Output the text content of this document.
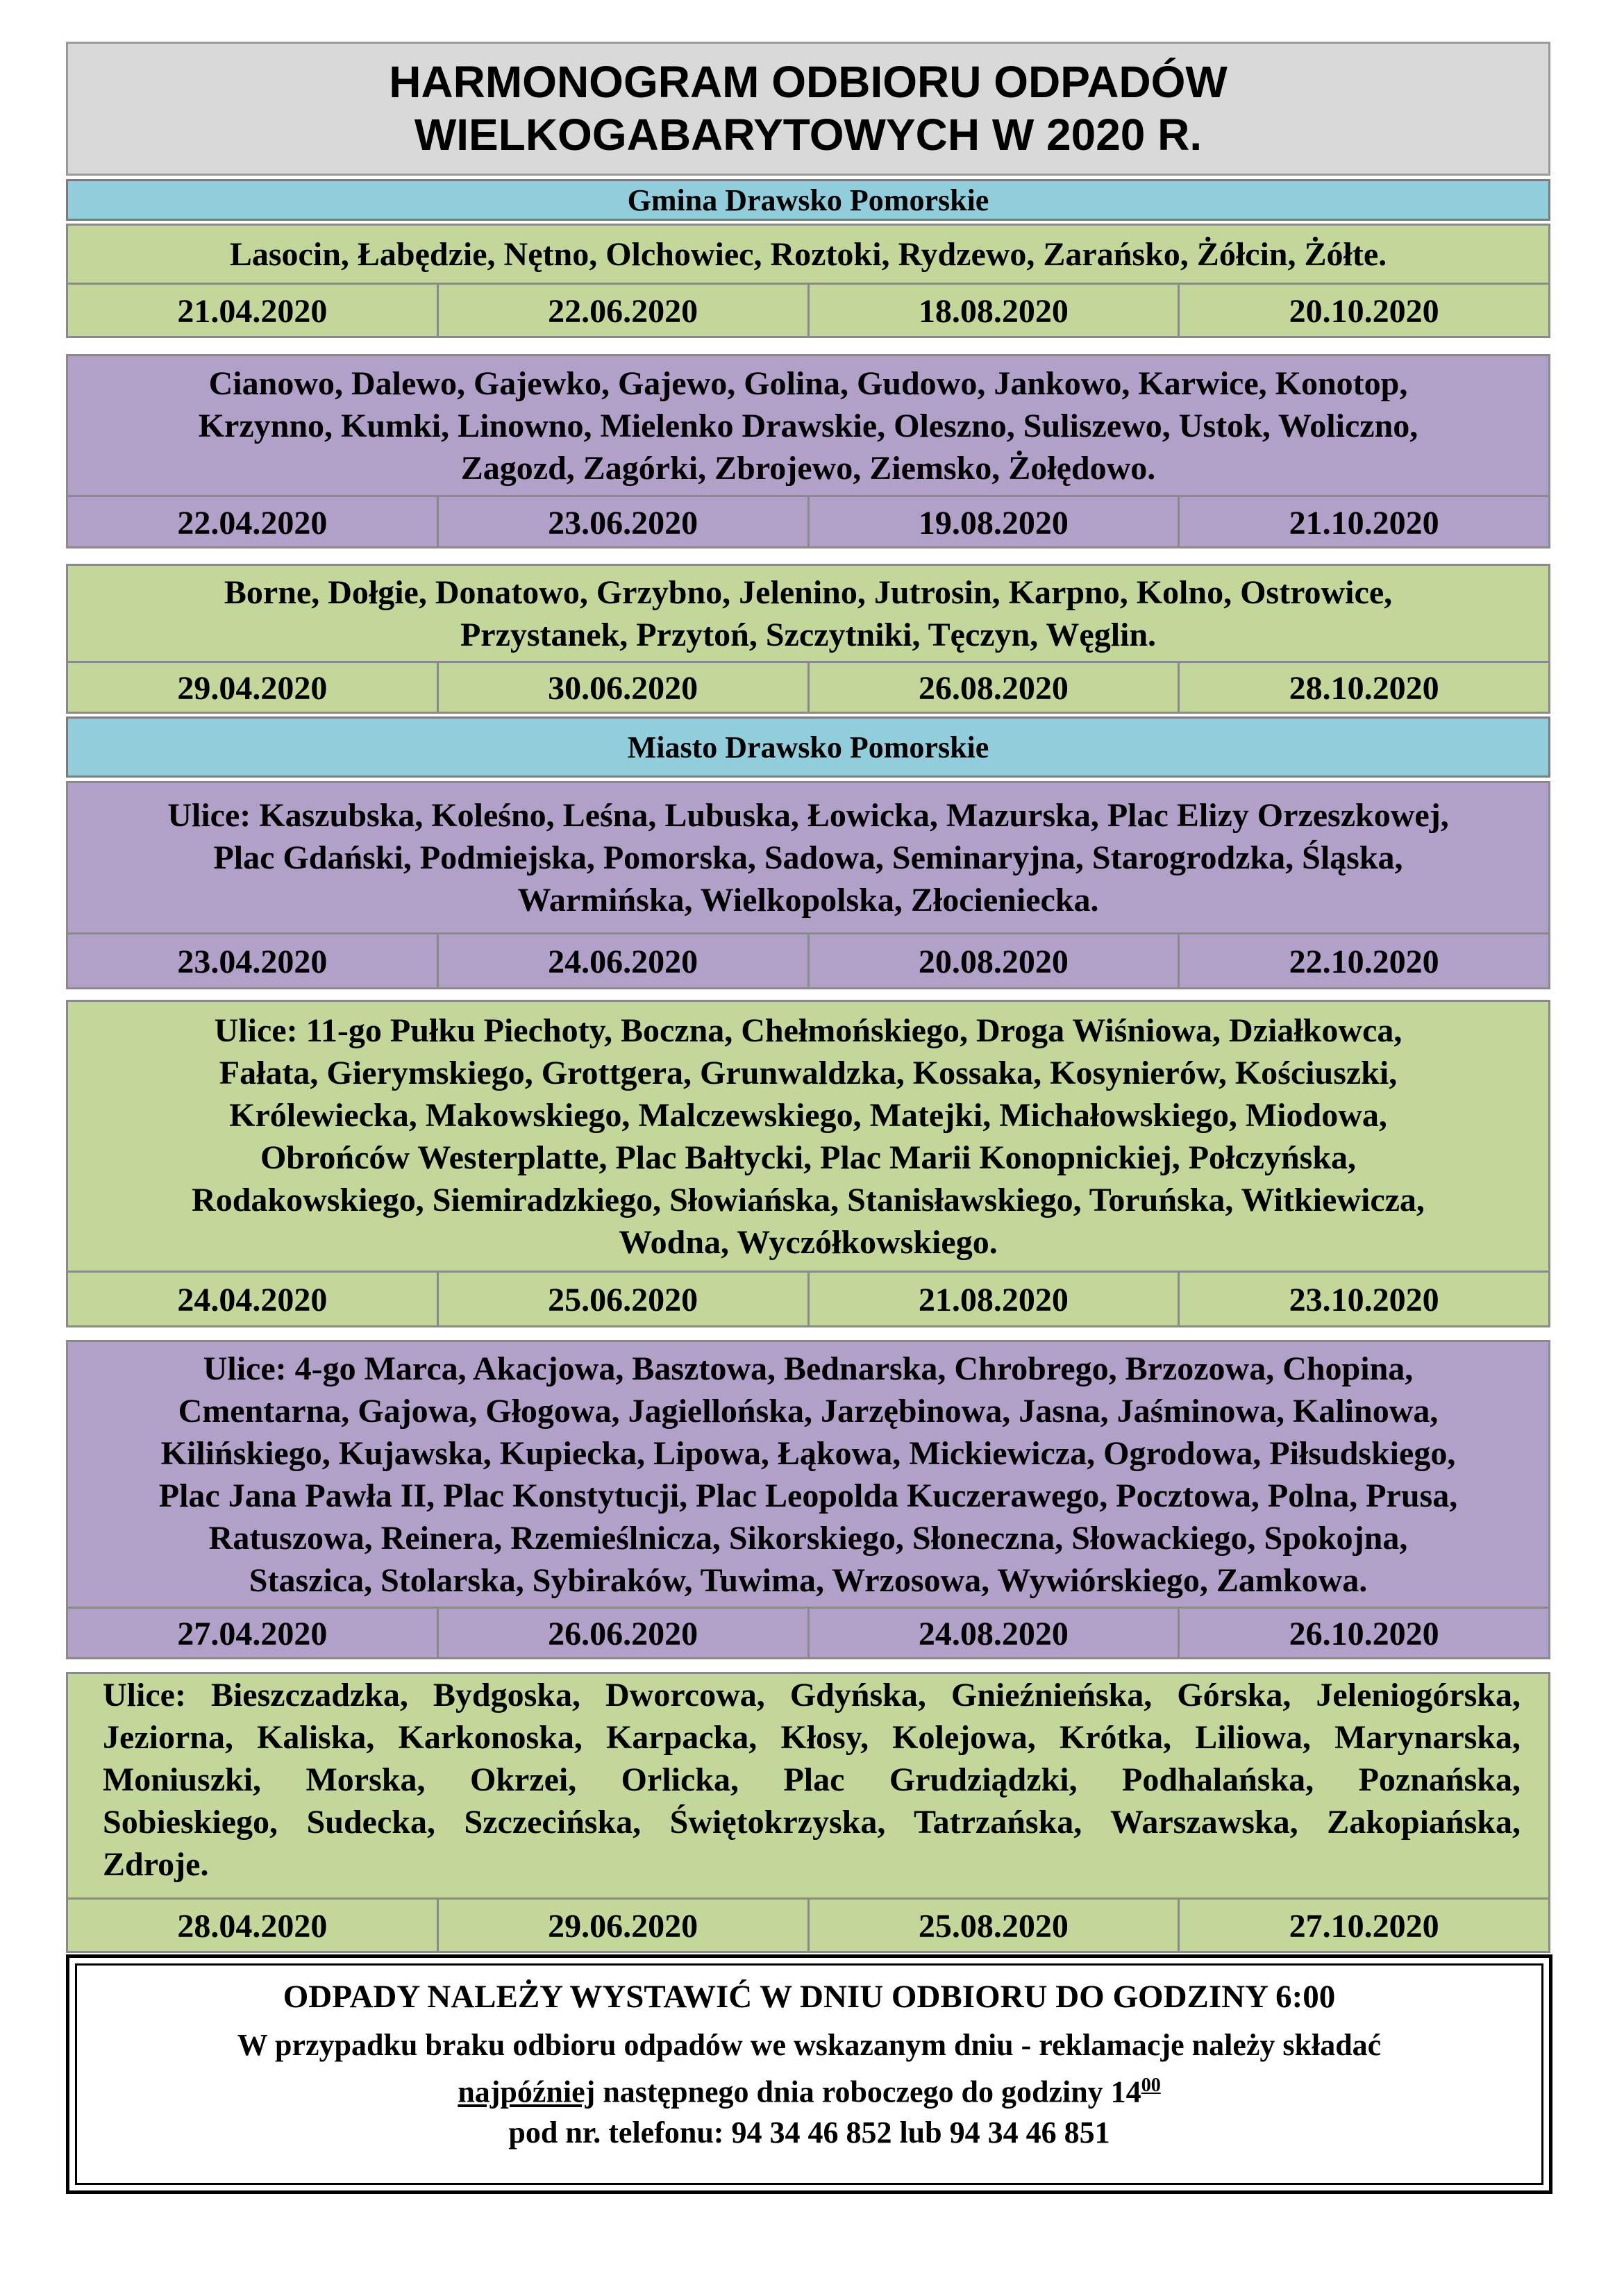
HARMONOGRAM ODBIORU ODPADÓW
WIELKOGABARYTOWYCH W 2020 R.
Gmina Drawsko Pomorskie
Lasocin, Łabędzie, Nętno, Olchowiec, Roztoki, Rydzewo, Zarańsko, Żółcin, Żółte.
21.04.2020	22.06.2020	18.08.2020	20.10.2020
Cianowo, Dalewo, Gajewko, Gajewo, Golina, Gudowo, Jankowo, Karwice, Konotop,
Krzynno, Kumki, Linowno, Mielenko Drawskie, Oleszno, Suliszewo, Ustok, Woliczno,
Zagozd, Zagórki, Zbrojewo, Ziemsko, Żołędowo.
22.04.2020	23.06.2020	19.08.2020	21.10.2020
Borne, Dołgie, Donatowo, Grzybno, Jelenino, Jutrosin, Karpno, Kolno, Ostrowice,
Przystanek, Przytoń, Szczytniki, Tęczyn, Węglin.
29.04.2020	30.06.2020	26.08.2020	28.10.2020
Miasto Drawsko Pomorskie
Ulice: Kaszubska, Koleśno, Leśna, Lubuska, Łowicka, Mazurska, Plac Elizy Orzeszkowej,
Plac Gdański, Podmiejska, Pomorska, Sadowa, Seminaryjna, Starogrodzka, Śląska,
Warmińska, Wielkopolska, Złocieniecka.
23.04.2020	24.06.2020	20.08.2020	22.10.2020
Ulice: 11-go Pułku Piechoty, Boczna, Chełmońskiego, Droga Wiśniowa, Działkowca,
Fałata, Gierymskiego, Grottgera, Grunwaldzka, Kossaka, Kosynierów, Kościuszki,
Królewiecka, Makowskiego, Malczewskiego, Matejki, Michałowskiego, Miodowa,
Obrońców Westerplatte, Plac Bałtycki, Plac Marii Konopnickiej, Połczyńska,
Rodakowskiego, Siemiradzkiego, Słowiańska, Stanisławskiego, Toruńska, Witkiewicza,
Wodna, Wyczółkowskiego.
24.04.2020	25.06.2020	21.08.2020	23.10.2020
Ulice: 4-go Marca, Akacjowa, Basztowa, Bednarska, Chrobrego, Brzozowa, Chopina,
Cmentarna, Gajowa, Głogowa, Jagiellońska, Jarzębinowa, Jasna, Jaśminowa, Kalinowa,
Kilińskiego, Kujawska, Kupiecka, Lipowa, Łąkowa, Mickiewicza, Ogrodowa, Piłsudskiego,
Plac Jana Pawła II, Plac Konstytucji, Plac Leopolda Kuczerawego, Pocztowa, Polna, Prusa,
Ratuszowa, Reinera, Rzemieślnicza, Sikorskiego, Słoneczna, Słowackiego, Spokojna,
Staszica, Stolarska, Sybiraków, Tuwima, Wrzosowa, Wywiórskiego, Zamkowa.
27.04.2020	26.06.2020	24.08.2020	26.10.2020
Ulice: Bieszczadzka, Bydgoska, Dworcowa, Gdyńska, Gnieźnieńska, Górska, Jeleniogórska,
Jeziorna, Kaliska, Karkonoska, Karpacka, Kłosy, Kolejowa, Krótka, Liliowa, Marynarska,
Moniuszki, Morska, Okrzei, Orlicka, Plac Grudziądzki, Podhalańska, Poznańska,
Sobieskiego, Sudecka, Szczecińska, Świętokrzyska, Tatrzańska, Warszawska, Zakopiańska,
Zdroje.
28.04.2020	29.06.2020	25.08.2020	27.10.2020
ODPADY NALEŻY WYSTAWIĆ W DNIU ODBIORU DO GODZINY 6:00
W przypadku braku odbioru odpadów we wskazanym dniu - reklamacje należy składać
najpóźniej następnego dnia roboczego do godziny $14^{00}$
pod nr. telefonu: 94 34 46 852 lub 94 34 46 851
